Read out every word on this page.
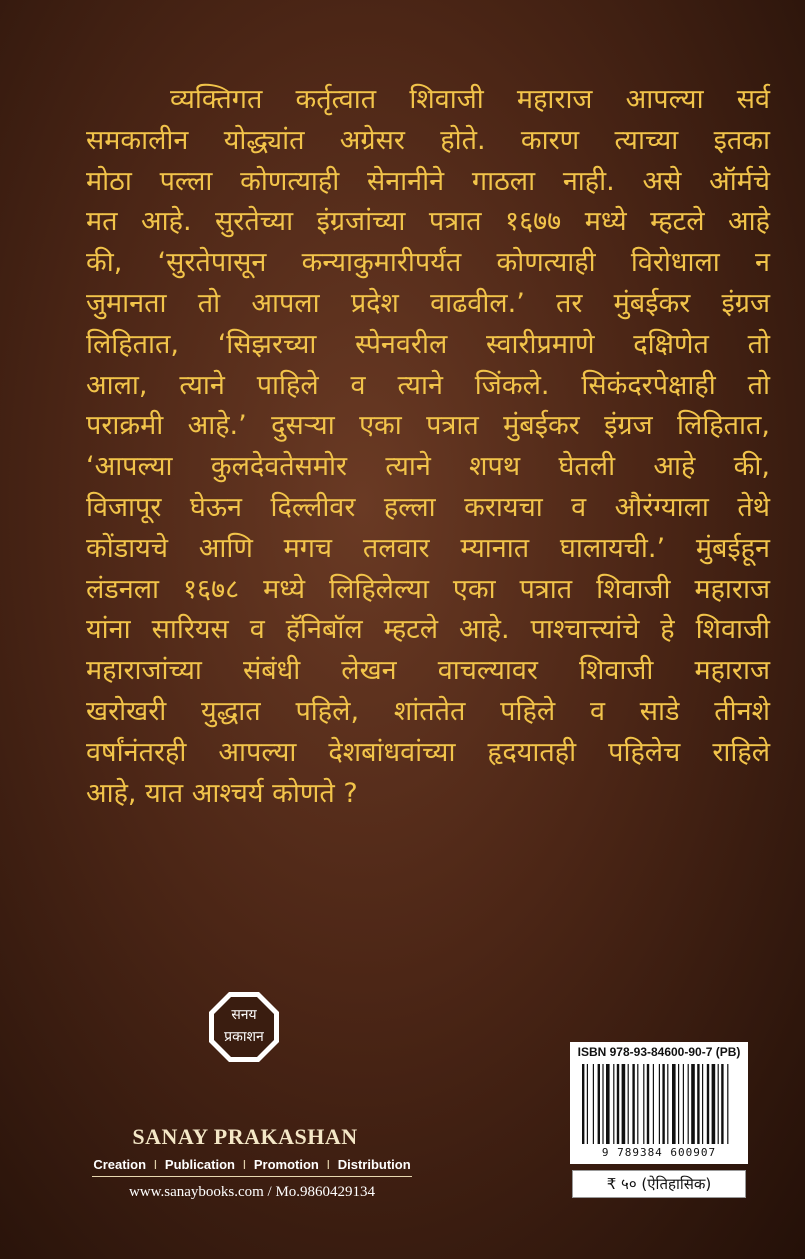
व्यक्तिगत कर्तृत्वात शिवाजी महाराज आपल्या सर्व
समकालीन योद्ध्यांत अग्रेसर होते. कारण त्याच्या इतका
मोठा पल्ला कोणत्याही सेनानीने गाठला नाही. असे ऑर्मचे
मत आहे. सुरतेच्या इंग्रजांच्या पत्रात १६७७ मध्ये म्हटले आहे
की, ‘सुरतेपासून कन्याकुमारीपर्यंत कोणत्याही विरोधाला न
जुमानता तो आपला प्रदेश वाढवील.’ तर मुंबईकर इंग्रज
लिहितात, ‘सिझरच्या स्पेनवरील स्वारीप्रमाणे दक्षिणेत तो
आला, त्याने पाहिले व त्याने जिंकले. सिकंदरपेक्षाही तो
पराक्रमी आहे.’ दुसऱ्या एका पत्रात मुंबईकर इंग्रज लिहितात,
‘आपल्या कुलदेवतेसमोर त्याने शपथ घेतली आहे की,
विजापूर घेऊन दिल्लीवर हल्ला करायचा व औरंग्याला तेथे
कोंडायचे आणि मगच तलवार म्यानात घालायची.’ मुंबईहून
लंडनला १६७८ मध्ये लिहिलेल्या एका पत्रात शिवाजी महाराज
यांना सारियस व हॅनिबॉल म्हटले आहे. पाश्चात्त्यांचे हे शिवाजी
महाराजांच्या संबंधी लेखन वाचल्यावर शिवाजी महाराज
खरोखरी युद्धात पहिले, शांततेत पहिले व साडे तीनशे
वर्षांनंतरही आपल्या देशबांधवांच्या हृदयातही पहिलेच राहिले
आहे, यात आश्चर्य कोणते ?
सनय
प्रकाशन
SANAY PRAKASHAN
Creation I Publication I Promotion I Distribution
www.sanaybooks.com / Mo.9860429134
ISBN 978-93-84600-90-7 (PB)
9 789384 600907
₹ ५० (ऐतिहासिक)
